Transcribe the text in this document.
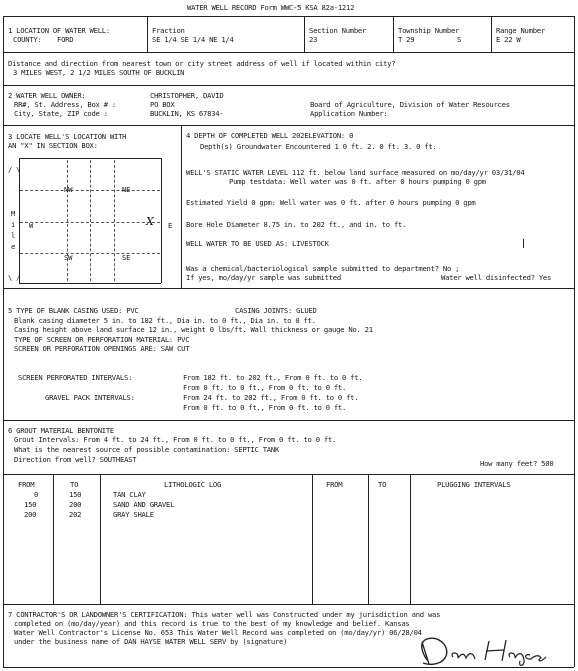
WATER WELL RECORD Form WWC-5 KSA 82a-1212
1 LOCATION OF WATER WELL:
COUNTY: FORD
Fraction
SE 1/4 SE 1/4 NE 1/4
Section Number
23
Township Number
T 29	S
Range Number
E 22 W
Distance and direction from nearest town or city street address of well if located within city?
3 MILES WEST, 2 1/2 MILES SOUTH OF BUCKLIN
2 WATER WELL OWNER:	CHRISTOPHER, DAVID
RR#, St. Address, Box # :	PO BOX
City, State, ZIP code :	BUCKLIN, KS 67834-
Board of Agriculture, Division of Water Resources
Application Number:
3 LOCATE WELL'S LOCATION WITH
AN "X" IN SECTION BOX:
/ \
\ /
NW	NE
SW	SE
W	E
M
i
l
e
X
4 DEPTH OF COMPLETED WELL 202ELEVATION: 0
Depth(s) Groundwater Encountered 1 0 ft. 2. 0 ft. 3. 0 ft.
WELL'S STATIC WATER LEVEL 112 ft. below land surface measured on mo/day/yr 03/31/04
Pump testdata: Well water was 0 ft. after 0 hours pumping 0 gpm
Estimated Yield 0 gpm: Well water was 0 ft. after 0 hours pumping 0 gpm
Bore Hole Diameter 8.75 in. to 202 ft., and in. to ft.
WELL WATER TO BE USED AS: LIVESTOCK
Was a chemical/bacteriological sample submitted to department? No ;
If yes, mo/day/yr sample was submitted	Water well disinfected? Yes
5 TYPE OF BLANK CASING USED: PVC	CASING JOINTS: GLUED
Blank casing diameter 5 in. to 182 ft., Dia in. to 0 ft., Dia in. to 0 ft.
Casing height above land surface 12 in., weight 0 lbs/ft. Wall thickness or gauge No. 21
TYPE OF SCREEN OR PERFORATION MATERIAL: PVC
SCREEN OR PERFORATION OPENINGS ARE: SAW CUT
SCREEN PERFORATED INTERVALS:	From 182 ft. to 202 ft., From 0 ft. to 0 ft.
From 0 ft. to 0 ft., From 0 ft. to 0 ft.
GRAVEL PACK INTERVALS:	From 24 ft. to 202 ft., From 0 ft. to 0 ft.
From 0 ft. to 0 ft., From 0 ft. to 0 ft.
6 GROUT MATERIAL BENTONITE
Grout Intervals: From 4 ft. to 24 ft., From 0 ft. to 0 ft., From 0 ft. to 0 ft.
What is the nearest source of possible contamination: SEPTIC TANK
Direction from well? SOUTHEAST	How many feet? 500
FROM	TO	LITHOLOGIC LOG	FROM	TO	PLUGGING INTERVALS
0	150	TAN CLAY
150	200	SAND AND GRAVEL
200	202	GRAY SHALE
7 CONTRACTOR'S OR LANDOWNER'S CERTIFICATION: This water well was Constructed under my jurisdiction and was
completed on (mo/day/year) and this record is true to the best of my knowledge and belief. Kansas
Water Well Contractor's License No. 653 This Water Well Record was completed on (mo/day/yr) 06/28/04
under the business name of DAN HAYSE WATER WELL SERV by (signature)
